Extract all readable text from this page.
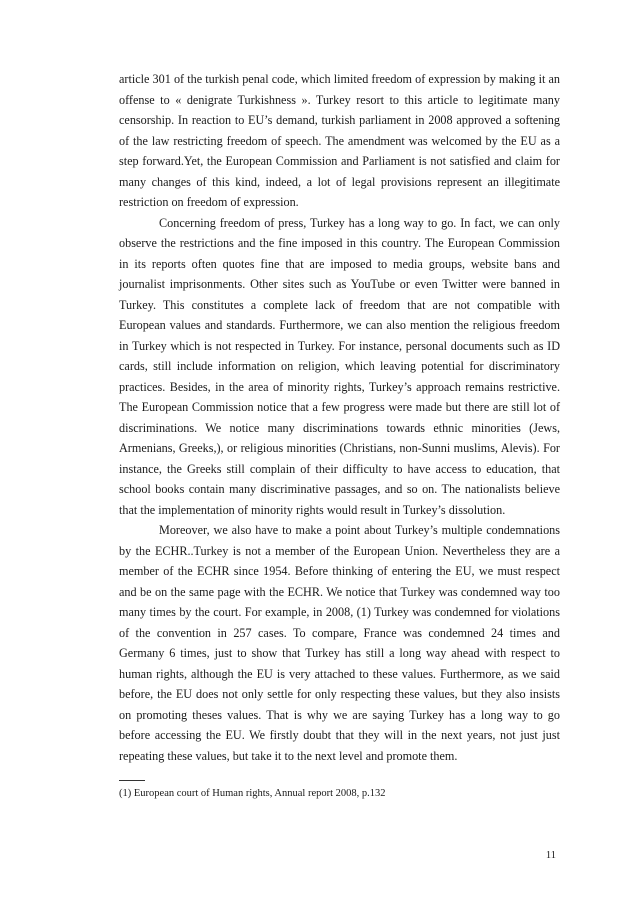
article 301 of the turkish penal code, which limited freedom of expression by making it an offense to « denigrate Turkishness ». Turkey resort to this article to legitimate many censorship. In reaction to EU’s demand, turkish parliament in 2008 approved a softening of the law restricting freedom of speech. The amendment was welcomed by the EU as a step forward.Yet, the European Commission and Parliament is not satisfied and claim for many changes of this kind, indeed, a lot of legal provisions represent an illegitimate restriction on freedom of expression.

Concerning freedom of press, Turkey has a long way to go. In fact, we can only observe the restrictions and the fine imposed in this country. The European Commission in its reports often quotes fine that are imposed to media groups, website bans and journalist imprisonments. Other sites such as YouTube or even Twitter were banned in Turkey. This constitutes a complete lack of freedom that are not compatible with European values and standards. Furthermore, we can also mention the religious freedom in Turkey which is not respected in Turkey. For instance, personal documents such as ID cards, still include information on religion, which leaving potential for discriminatory practices. Besides, in the area of minority rights, Turkey’s approach remains restrictive. The European Commission notice that a few progress were made but there are still lot of discriminations. We notice many discriminations towards ethnic minorities (Jews, Armenians, Greeks,), or religious minorities (Christians, non-Sunni muslims, Alevis). For instance, the Greeks still complain of their difficulty to have access to education, that school books contain many discriminative passages, and so on. The nationalists believe that the implementation of minority rights would result in Turkey’s dissolution.

Moreover, we also have to make a point about Turkey’s multiple condemnations by the ECHR..Turkey is not a member of the European Union. Nevertheless they are a member of the ECHR since 1954. Before thinking of entering the EU, we must respect and be on the same page with the ECHR. We notice that Turkey was condemned way too many times by the court. For example, in 2008, (1) Turkey was condemned for violations of the convention in 257 cases. To compare, France was condemned 24 times and Germany 6 times, just to show that Turkey has still a long way ahead with respect to human rights, although the EU is very attached to these values. Furthermore, as we said before, the EU does not only settle for only respecting these values, but they also insists on promoting theses values. That is why we are saying Turkey has a long way to go before accessing the EU. We firstly doubt that they will in the next years, not just just repeating these values, but take it to the next level and promote them.

(1) European court of Human rights, Annual report 2008, p.132
11
